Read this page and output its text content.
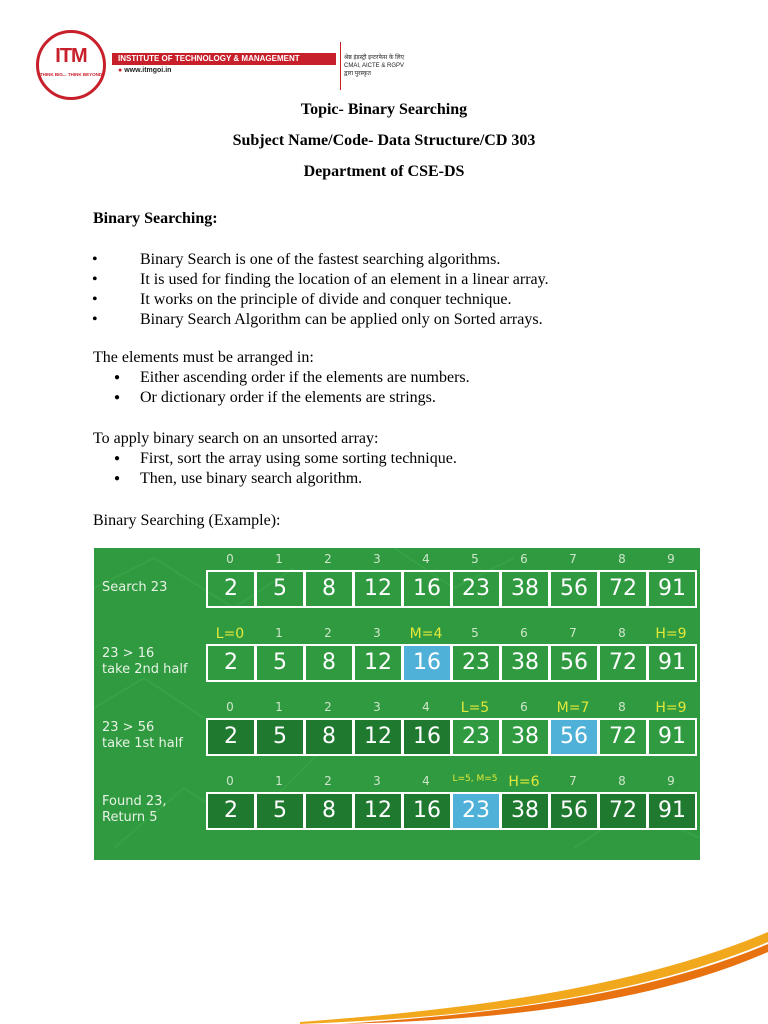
ITM
THINK BIG... THINK BEYOND
INSTITUTE OF TECHNOLOGY & MANAGEMENT
● www.itmgoi.in
श्रेष्ठ इंडस्ट्री इन्टरफेस के लिए
CMAI, AICTE & RGPV
द्वारा पुरस्कृत
Topic- Binary Searching
Subject Name/Code- Data Structure/CD 303
Department of CSE-DS
Binary Searching:
• Binary Search is one of the fastest searching algorithms.
• It is used for finding the location of an element in a linear array.
• It works on the principle of divide and conquer technique.
• Binary Search Algorithm can be applied only on Sorted arrays.

The elements must be arranged in:

● Either ascending order if the elements are numbers.
● Or dictionary order if the elements are strings.

To apply binary search on an unsorted array:

● First, sort the array using some sorting technique.
● Then, use binary search algorithm.
Binary Searching (Example):
Search 23
0
2
1
5
2
8
3
12
4
16
5
23
6
38
7
56
8
72
9
91
23 > 16
take 2nd half
L=0
2
1
5
2
8
3
12
M=4
16
5
23
6
38
7
56
8
72
H=9
91
23 > 56
take 1st half
0
2
1
5
2
8
3
12
4
16
L=5
23
6
38
M=7
56
8
72
H=9
91
Found 23,
Return 5
0
2
1
5
2
8
3
12
4
16
L=5, M=5
23
H=6
38
7
56
8
72
9
91
